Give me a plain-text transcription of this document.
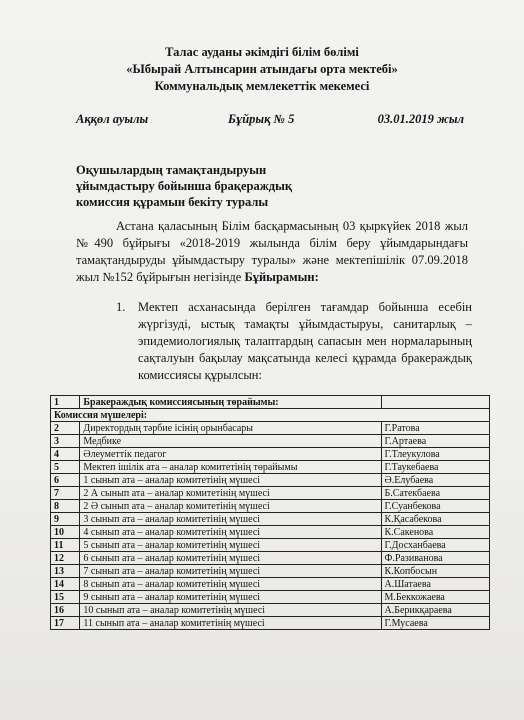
Талас ауданы әкімдігі білім бөлімі
«Ыбырай Алтынсарин атындағы орта мектебі»
Коммунальдық мемлекеттік мекемесі
Аққөл ауылы	Бұйрық № 5	03.01.2019 жыл
Оқушылардың тамақтандыруын
ұйымдастыру бойынша брақераждық
комиссия құрамын бекіту туралы
Астана қаласының Білім басқармасының 03 қыркүйек 2018 жыл №490 бұйрығы «2018-2019 жылында білім беру ұйымдарындағы тамақтандыруды ұйымдастыру туралы» және мектепішілік 07.09.2018 жыл №152 бұйрығын негізінде Бұйырамын:
1.	Мектеп асханасында берілген тағамдар бойынша есебін жүргізуді, ыстық тамақты ұйымдастыруы, санитарлық – эпидемиологиялық талаптардың сапасын мен нормаларының сақталуын бақылау мақсатында келесі құрамда бракераждық комиссиясы құрылсын:
1	Бракераждық комиссиясының төрайымы:	
Комиссия мүшелері:		
2	Директордың тәрбие ісінің орынбасары	Г.Ратова
3	Медбике	Г.Артаева
4	Әлеуметтік педагог	Г.Тлеукулова
5	Мектеп ішілік ата – аналар комитетінің төрайымы	Г.Таукебаева
6	1 сынып ата – аналар комитетінің мүшесі	Ә.Елубаева
7	2 А сынып ата – аналар комитетінің мүшесі	Б.Сатекбаева
8	2 Ә сынып ата – аналар комитетінің мүшесі	Г.Суанбекова
9	3 сынып ата – аналар комитетінің мүшесі	К.Қасабекова
10	4 сынып ата – аналар комитетінің мүшесі	К.Сакенова
11	5 сынып ата – аналар комитетінің мүшесі	Г.Досханбаева
12	6 сынып ата – аналар комитетінің мүшесі	Ф.Разиванова
13	7 сынып ата – аналар комитетінің мүшесі	К.Копбосын
14	8 сынып ата – аналар комитетінің мүшесі	А.Шатаева
15	9 сынып ата – аналар комитетінің мүшесі	М.Беккожаева
16	10 сынып ата – аналар комитетінің мүшесі	А.Берикқараева
17	11 сынып ата – аналар комитетінің мүшесі	Г.Мусаева
